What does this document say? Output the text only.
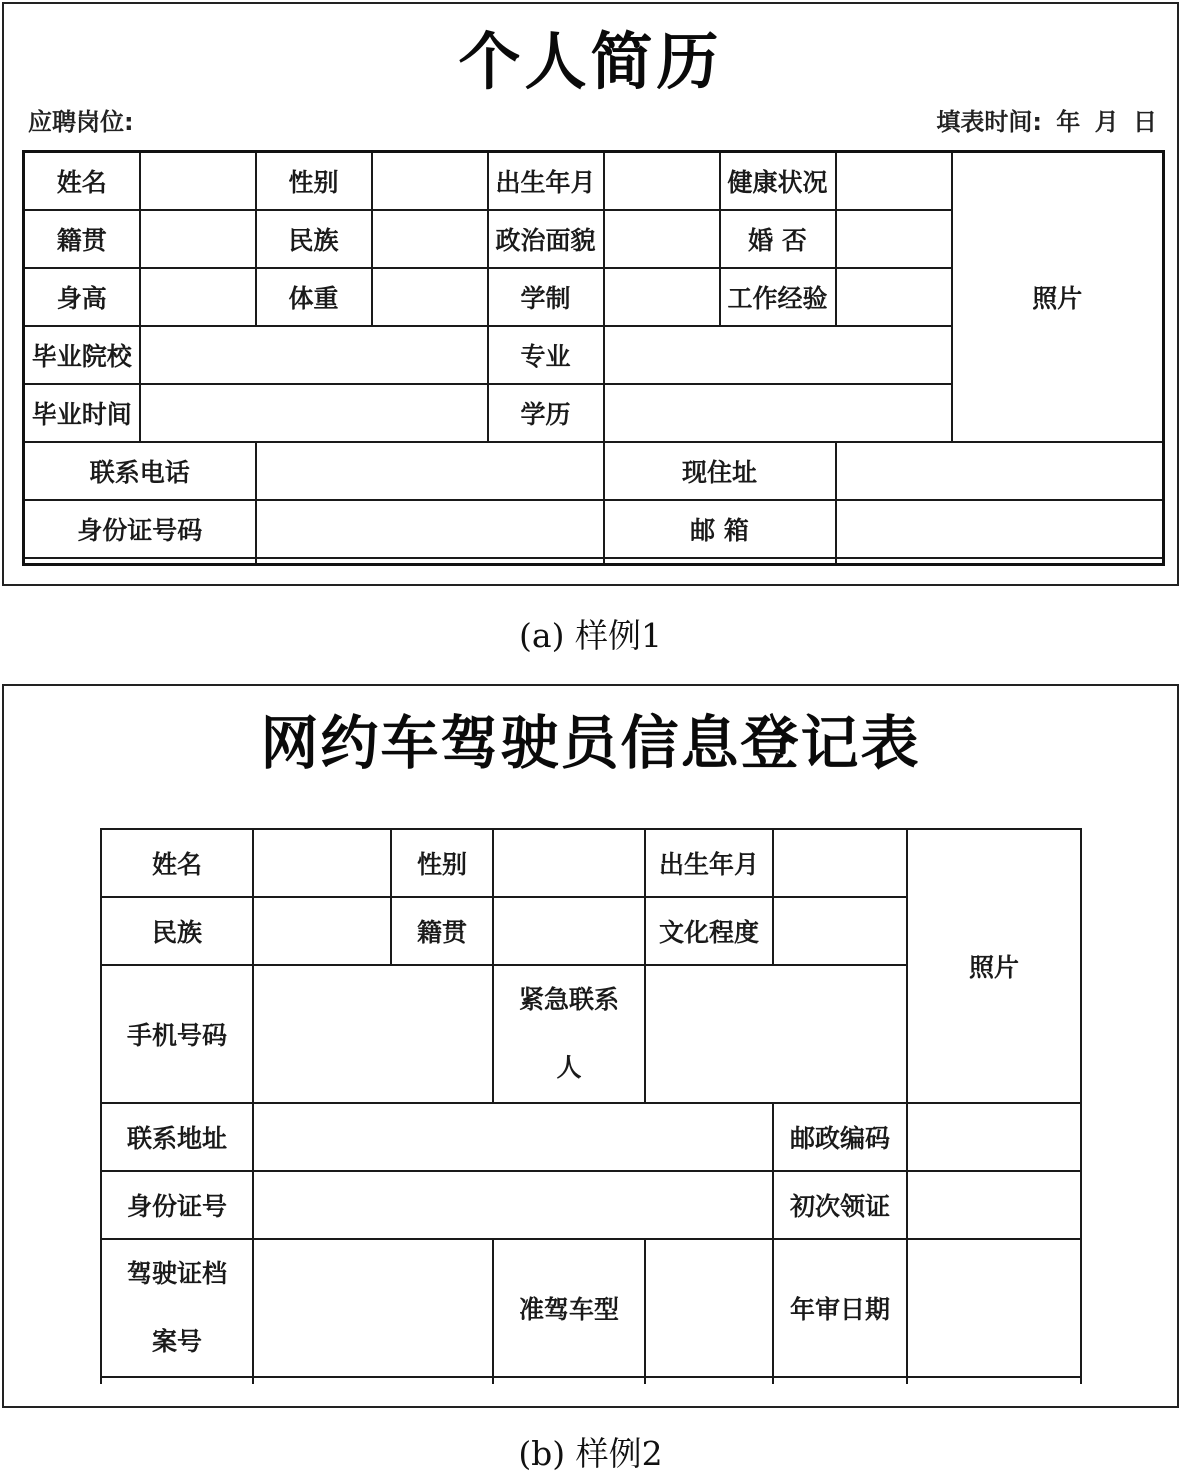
个人简历
应聘岗位:	填表时间: 年 月 日
姓名		性别		出生年月		健康状况		照片
籍贯		民族		政治面貌		婚 否		
身高		体重		学制		工作经验		
毕业院校				专业				
毕业时间				学历				
联系电话					现住址			
身份证号码					邮 箱			

(a) 样例1
网约车驾驶员信息登记表
姓名		性别		出生年月		照片
民族		籍贯		文化程度		
手机号码			紧急联系
人			
联系地址					邮政编码	
身份证号					初次领证	
驾驶证档
案号			准驾车型		年审日期	

(b) 样例2
